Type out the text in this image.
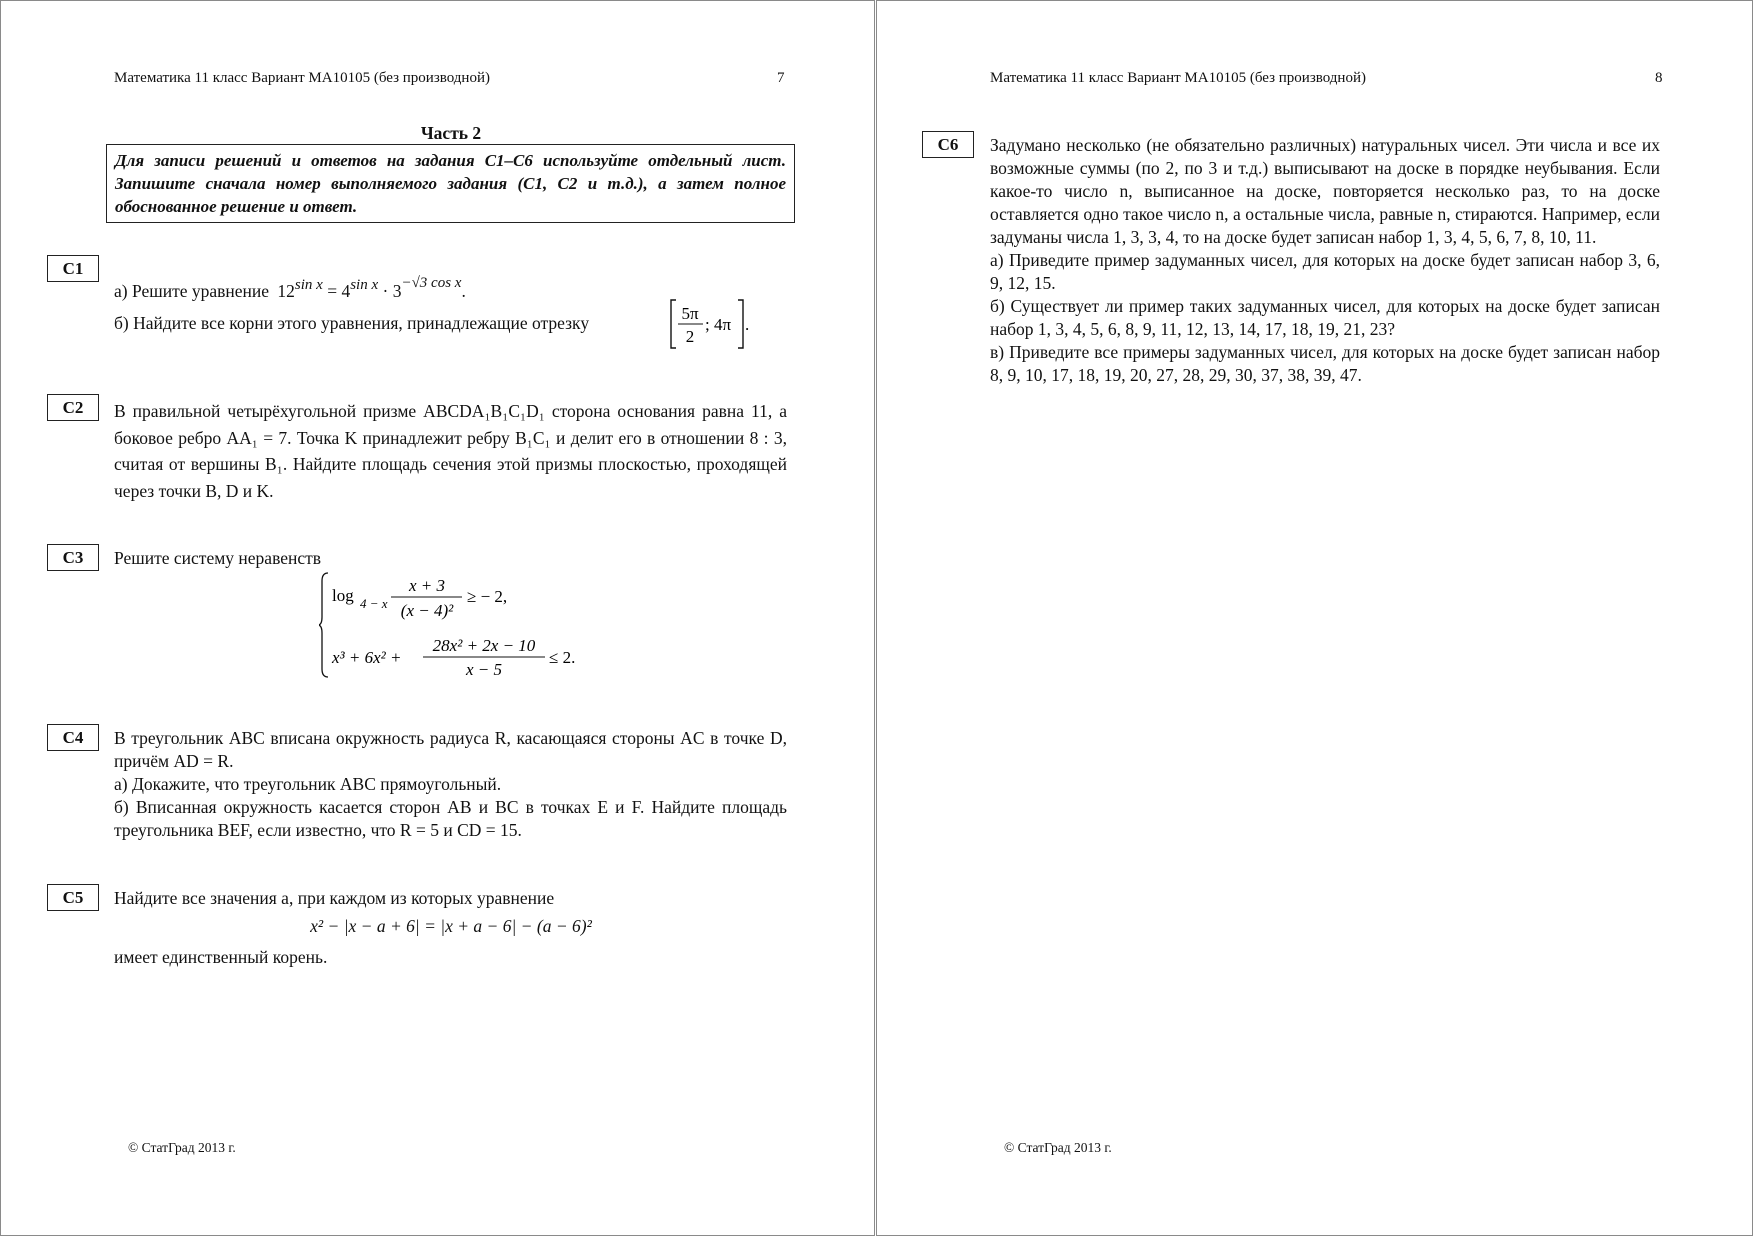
Математика 11 класс Вариант МА10105 (без производной)	7
Часть 2
Для записи решений и ответов на задания С1–С6 используйте отдельный лист. Запишите сначала номер выполняемого задания (С1, С2 и т.д.), а затем полное обоснованное решение и ответ.
С1
а) Решите уравнение $12^{sin x} = 4^{sin x} \cdot 3^{-√3 cos x}$.
б) Найдите все корни этого уравнения, принадлежащие отрезку	5π
2
; 4π .
С2	В правильной четырёхугольной призме ABCDA₁B₁C₁D₁ сторона основания равна 11, а боковое ребро AA₁ = 7. Точка K принадлежит ребру B₁C₁ и делит его в отношении 8 : 3, считая от вершины B₁. Найдите площадь сечения этой призмы плоскостью, проходящей через точки B, D и K.
С3	Решите систему неравенств
log 4 − x
x + 3
(x − 4)²
≥ − 2,
x³ + 6x² +
28x² + 2x − 10
x − 5
≤ 2.
С4	В треугольник ABC вписана окружность радиуса R, касающаяся стороны AC в точке D, причём AD = R.
а) Докажите, что треугольник ABC прямоугольный.
б) Вписанная окружность касается сторон AB и BC в точках E и F. Найдите площадь треугольника BEF, если известно, что R = 5 и CD = 15.
С5	Найдите все значения a, при каждом из которых уравнение
x² − |x − a + 6| = |x + a − 6| − (a − 6)²
имеет единственный корень.
© СтатГрад 2013 г.
Математика 11 класс Вариант МА10105 (без производной)	8
С6	Задумано несколько (не обязательно различных) натуральных чисел. Эти числа и все их возможные суммы (по 2, по 3 и т.д.) выписывают на доске в порядке неубывания. Если какое-то число n, выписанное на доске, повторяется несколько раз, то на доске оставляется одно такое число n, а остальные числа, равные n, стираются. Например, если задуманы числа 1, 3, 3, 4, то на доске будет записан набор 1, 3, 4, 5, 6, 7, 8, 10, 11.
а) Приведите пример задуманных чисел, для которых на доске будет записан набор 3, 6, 9, 12, 15.
б) Существует ли пример таких задуманных чисел, для которых на доске будет записан набор 1, 3, 4, 5, 6, 8, 9, 11, 12, 13, 14, 17, 18, 19, 21, 23?
в) Приведите все примеры задуманных чисел, для которых на доске будет записан набор 8, 9, 10, 17, 18, 19, 20, 27, 28, 29, 30, 37, 38, 39, 47.
© СтатГрад 2013 г.
